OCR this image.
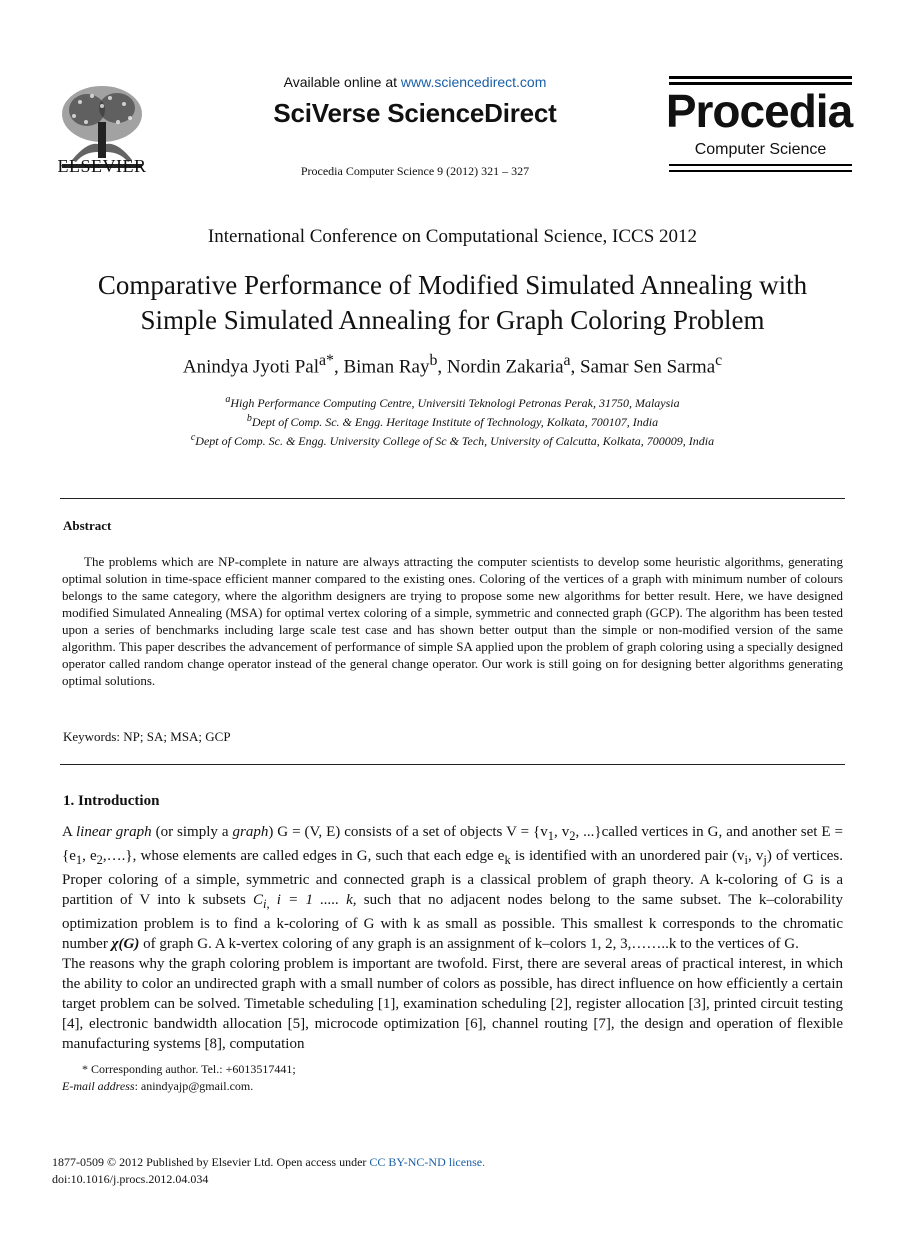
ELSEVIER
Available online at www.sciencedirect.com
SciVerse ScienceDirect
Procedia Computer Science 9 (2012) 321 – 327
Procedia
Computer Science
International Conference on Computational Science, ICCS 2012
Comparative Performance of Modified Simulated Annealing with
Simple Simulated Annealing for Graph Coloring Problem
Anindya Jyoti Pal$^{a*}$, Biman Ray$^b$, Nordin Zakaria$^a$, Samar Sen Sarma$^c$
$^a$High Performance Computing Centre, Universiti Teknologi Petronas Perak, 31750, Malaysia
$^b$Dept of Comp. Sc. & Engg. Heritage Institute of Technology, Kolkata, 700107, India
$^c$Dept of Comp. Sc. & Engg. University College of Sc & Tech, University of Calcutta, Kolkata, 700009, India
Abstract
The problems which are NP-complete in nature are always attracting the computer scientists to develop some heuristic algorithms, generating optimal solution in time-space efficient manner compared to the existing ones. Coloring of the vertices of a graph with minimum number of colours belongs to the same category, where the algorithm designers are trying to propose some new algorithms for better result. Here, we have designed modified Simulated Annealing (MSA) for optimal vertex coloring of a simple, symmetric and connected graph (GCP). The algorithm has been tested upon a series of benchmarks including large scale test case and has shown better output than the simple or non-modified version of the same algorithm. This paper describes the advancement of performance of simple SA applied upon the problem of graph coloring using a specially designed operator called random change operator instead of the general change operator. Our work is still going on for designing better algorithms generating optimal solutions.
Keywords: NP; SA; MSA; GCP
1. Introduction

A linear graph (or simply a graph) G = (V, E) consists of a set of objects $V = \{v_1$, $v_2$, ...}called vertices in G, and another set $E = \{e_1$, $e_2,\dots$.}, whose elements are called edges in G, such that each edge $e_k$ is identified with an unordered pair ($v_i$, $v_j$) of vertices. Proper coloring of a simple, symmetric and connected graph is a classical problem of graph theory. A k-coloring of G is a partition of V into k subsets $C_{i,}$ i = 1 ..... k, such that no adjacent nodes belong to the same subset. The k–colorability optimization problem is to find a k-coloring of G with k as small as possible. This smallest k corresponds to the chromatic number χ(G) of graph G. A k-vertex coloring of any graph is an assignment of k–colors 1, 2, 3,……..k to the vertices of G.

The reasons why the graph coloring problem is important are twofold. First, there are several areas of practical interest, in which the ability to color an undirected graph with a small number of colors as possible, has direct influence on how efficiently a certain target problem can be solved. Timetable scheduling [1], examination scheduling [2], register allocation [3], printed circuit testing [4], electronic bandwidth allocation [5], microcode optimization [6], channel routing [7], the design and operation of flexible manufacturing systems [8], computation

* Corresponding author. Tel.: +6013517441;
E-mail address: anindyajp@gmail.com.
1877-0509 © 2012 Published by Elsevier Ltd. Open access under CC BY-NC-ND license.
doi:10.1016/j.procs.2012.04.034
